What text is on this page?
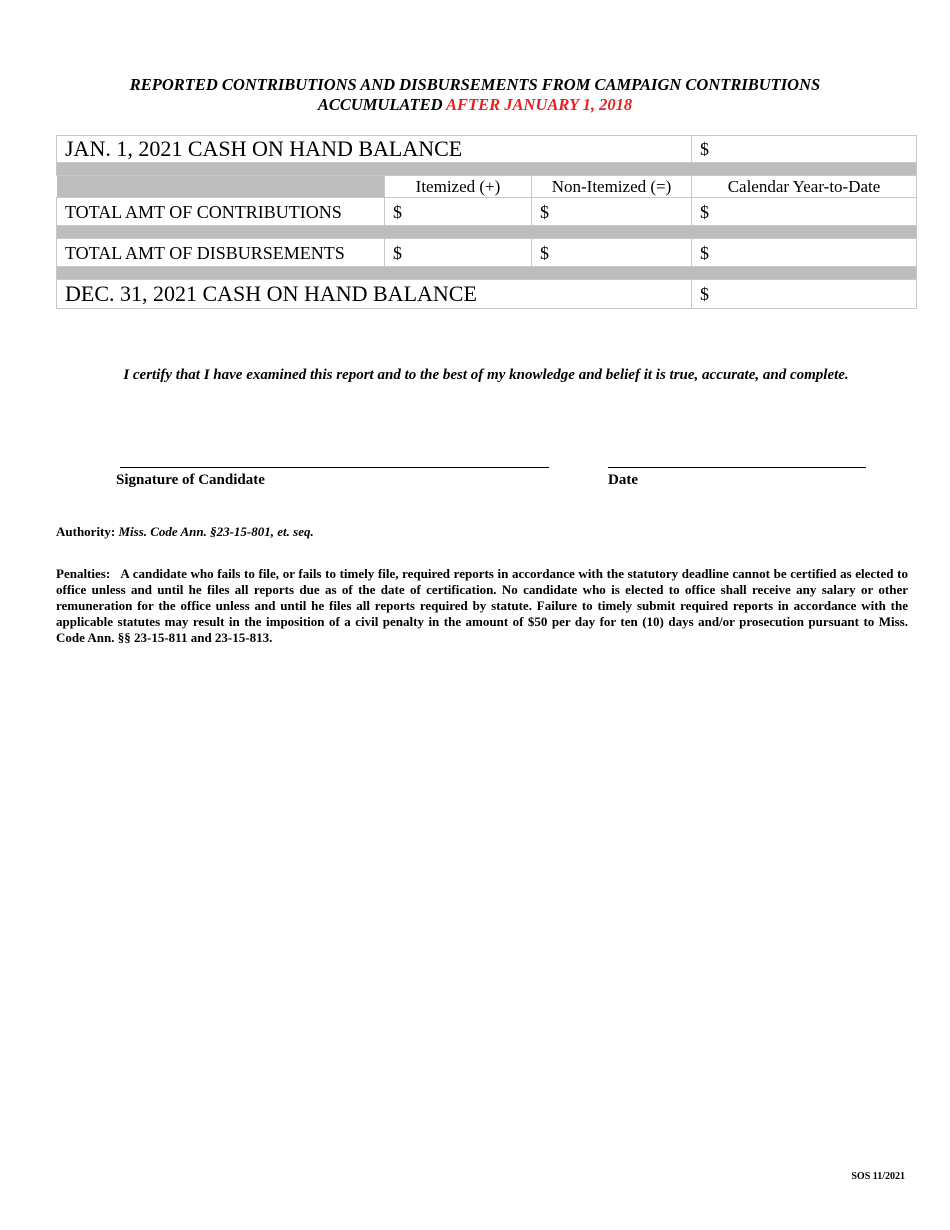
REPORTED CONTRIBUTIONS AND DISBURSEMENTS FROM CAMPAIGN CONTRIBUTIONS
ACCUMULATED AFTER JANUARY 1, 2018
JAN. 1, 2021 CASH ON HAND BALANCE			$

	Itemized (+)	Non-Itemized (=)	Calendar Year-to-Date
TOTAL AMT OF CONTRIBUTIONS	$	$	$

TOTAL AMT OF DISBURSEMENTS	$	$	$

DEC. 31, 2021 CASH ON HAND BALANCE			$
I certify that I have examined this report and to the best of my knowledge and belief it is true, accurate, and complete.
Signature of Candidate	Date
Authority: Miss. Code Ann. §23-15-801, et. seq.
Penalties: A candidate who fails to file, or fails to timely file, required reports in accordance with the statutory deadline cannot be certified as elected to office unless and until he files all reports due as of the date of certification. No candidate who is elected to office shall receive any salary or other remuneration for the office unless and until he files all reports required by statute. Failure to timely submit required reports in accordance with the applicable statutes may result in the imposition of a civil penalty in the amount of $50 per day for ten (10) days and/or prosecution pursuant to Miss. Code Ann. §§ 23-15-811 and 23-15-813.
SOS 11/2021
